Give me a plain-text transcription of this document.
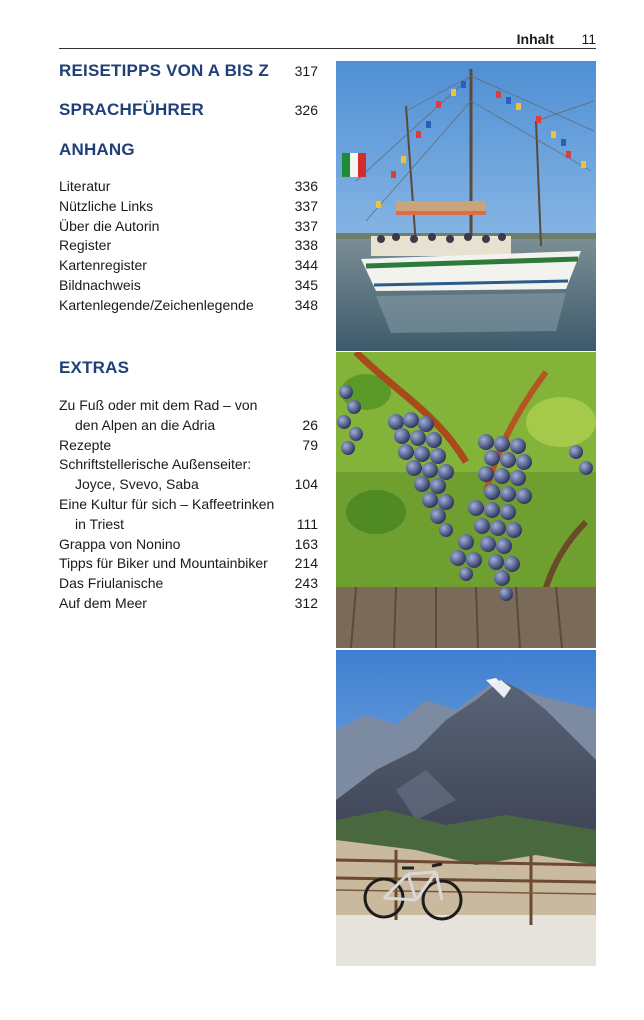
Inhalt 11
REISETIPPS VON A BIS Z 317
SPRACHFÜHRER	326
ANHANG
Literatur	336
Nützliche Links	337
Über die Autorin	337
Register	338
Kartenregister	344
Bildnachweis	345
Kartenlegende/Zeichenlegende	348
EXTRAS
Zu Fuß oder mit dem Rad – von
den Alpen an die Adria	26
Rezepte	79
Schriftstellerische Außenseiter:
Joyce, Svevo, Saba	104
Eine Kultur für sich – Kaffeetrinken
in Triest	111
Grappa von Nonino	163
Tipps für Biker und Mountainbiker 214
Das Friulanische	243
Auf dem Meer	312
